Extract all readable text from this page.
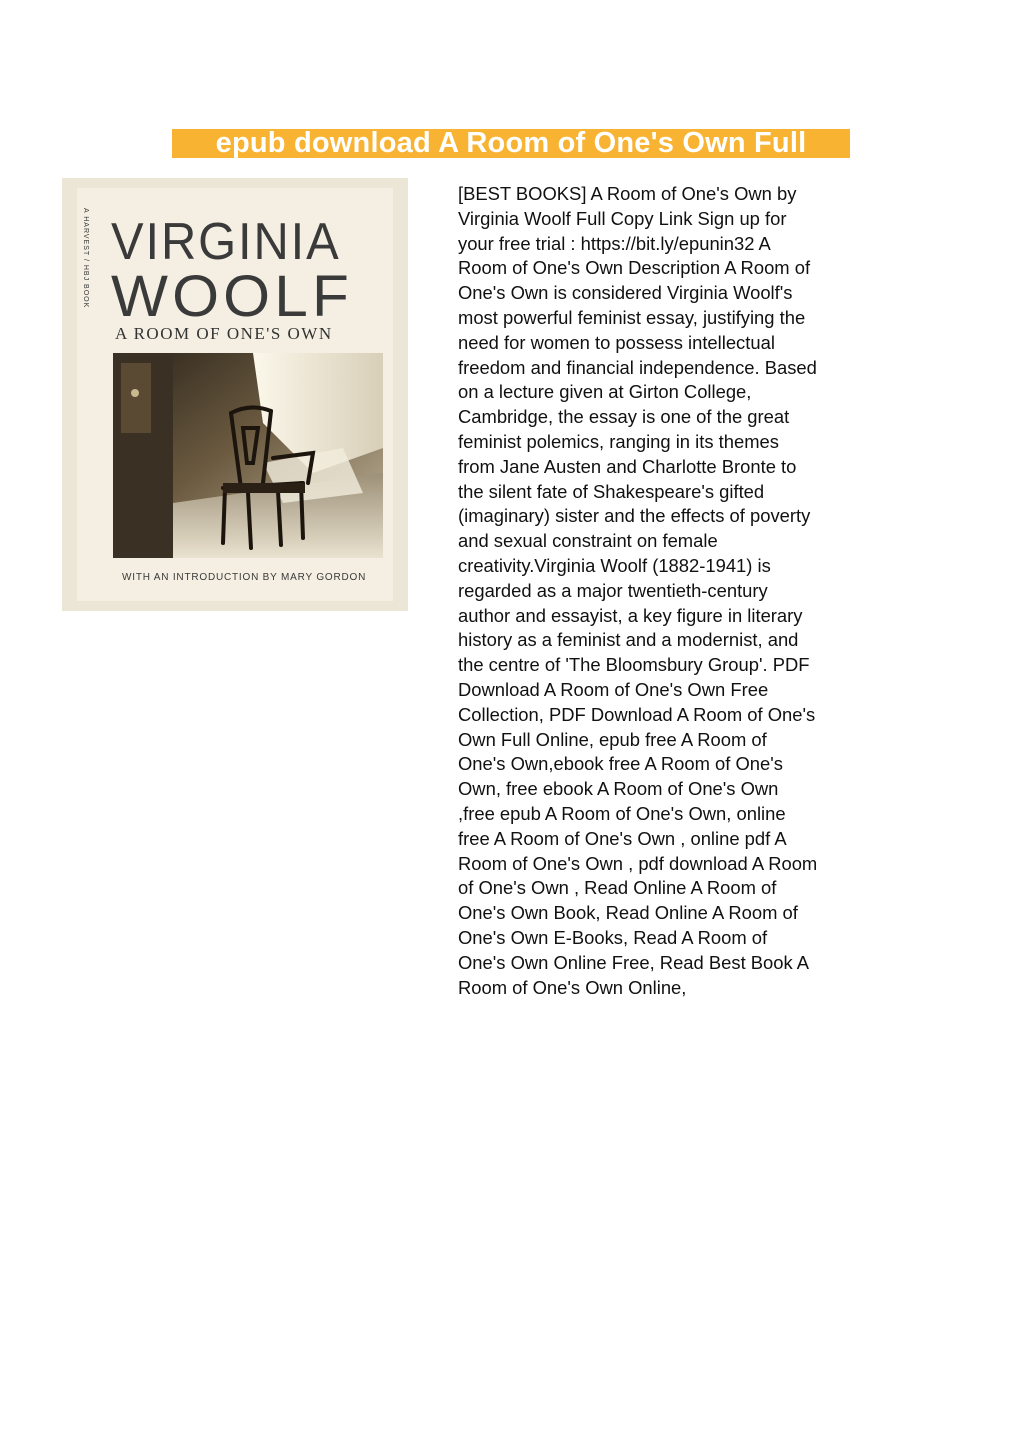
epub download A Room of One's Own Full
A HARVEST / HBJ BOOK VIRGINIA
WOOLF
A ROOM OF ONE'S OWN
WITH AN INTRODUCTION BY MARY GORDON
[BEST BOOKS] A Room of One's Own by Virginia Woolf Full Copy Link Sign up for your free trial : https://bit.ly/epunin32 A Room of One's Own Description A Room of One's Own is considered Virginia Woolf's most powerful feminist essay, justifying the need for women to possess intellectual freedom and financial independence. Based on a lecture given at Girton College, Cambridge, the essay is one of the great feminist polemics, ranging in its themes from Jane Austen and Charlotte Bronte to the silent fate of Shakespeare's gifted (imaginary) sister and the effects of poverty and sexual constraint on female creativity.Virginia Woolf (1882-1941) is regarded as a major twentieth-century author and essayist, a key figure in literary history as a feminist and a modernist, and the centre of 'The Bloomsbury Group'. PDF Download A Room of One's Own Free Collection, PDF Download A Room of One's Own Full Online, epub free A Room of One's Own,ebook free A Room of One's Own, free ebook A Room of One's Own ,free epub A Room of One's Own, online free A Room of One's Own , online pdf A Room of One's Own , pdf download A Room of One's Own , Read Online A Room of One's Own Book, Read Online A Room of One's Own E-Books, Read A Room of One's Own Online Free, Read Best Book A Room of One's Own Online,
